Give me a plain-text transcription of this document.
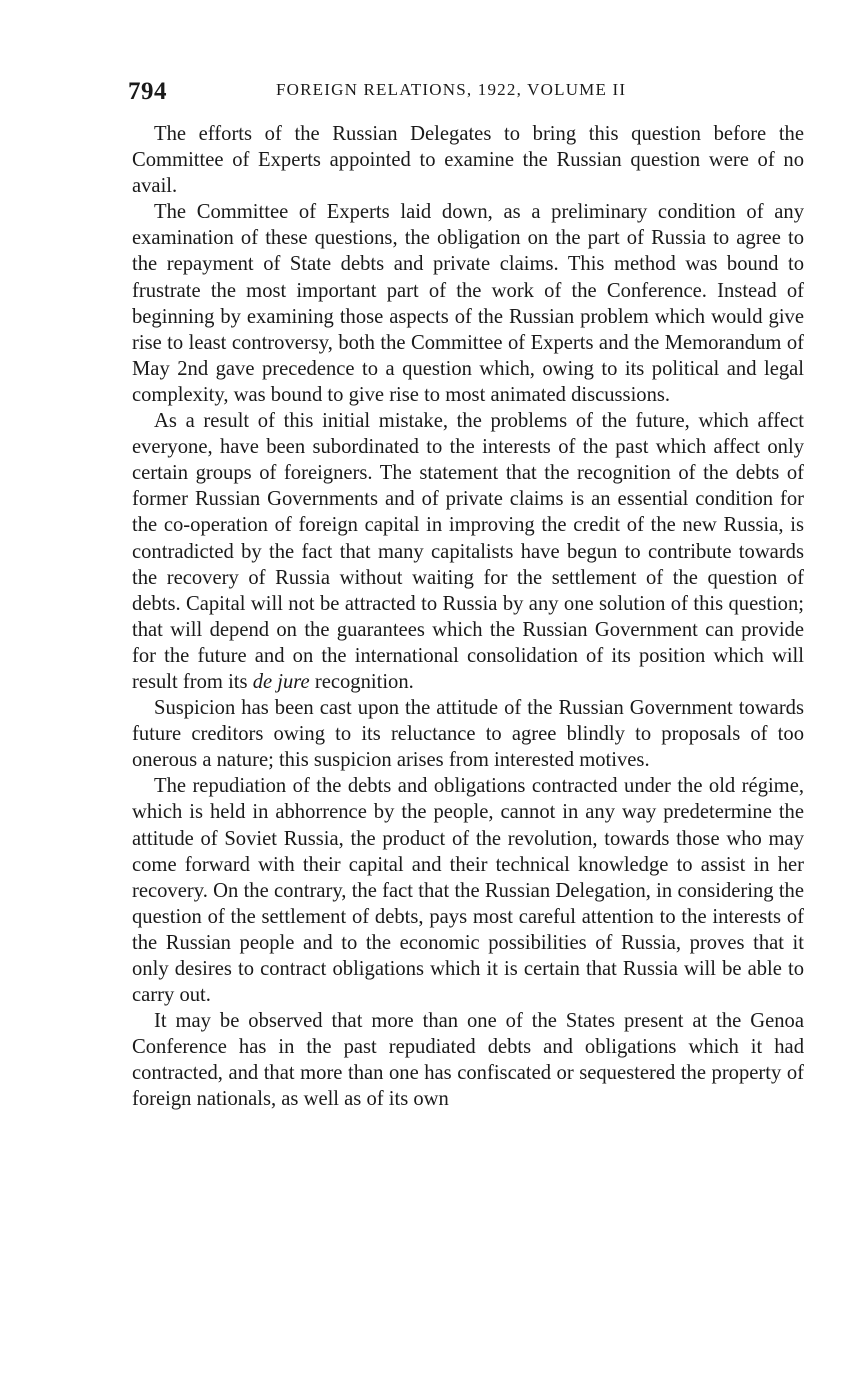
794	FOREIGN RELATIONS, 1922, VOLUME II

The efforts of the Russian Delegates to bring this question before the Committee of Experts appointed to examine the Russian question were of no avail.

The Committee of Experts laid down, as a preliminary condition of any examination of these questions, the obligation on the part of Russia to agree to the repayment of State debts and private claims. This method was bound to frustrate the most important part of the work of the Conference. Instead of beginning by examining those aspects of the Russian problem which would give rise to least controversy, both the Committee of Experts and the Memorandum of May 2nd gave precedence to a question which, owing to its political and legal complexity, was bound to give rise to most animated discussions.

As a result of this initial mistake, the problems of the future, which affect everyone, have been subordinated to the interests of the past which affect only certain groups of foreigners. The statement that the recognition of the debts of former Russian Governments and of private claims is an essential condition for the co-operation of foreign capital in improving the credit of the new Russia, is contradicted by the fact that many capitalists have begun to contribute towards the recovery of Russia without waiting for the settlement of the question of debts. Capital will not be attracted to Russia by any one solution of this question; that will depend on the guarantees which the Russian Government can provide for the future and on the international consolidation of its position which will result from its de jure recognition.

Suspicion has been cast upon the attitude of the Russian Government towards future creditors owing to its reluctance to agree blindly to proposals of too onerous a nature; this suspicion arises from interested motives.

The repudiation of the debts and obligations contracted under the old régime, which is held in abhorrence by the people, cannot in any way predetermine the attitude of Soviet Russia, the product of the revolution, towards those who may come forward with their capital and their technical knowledge to assist in her recovery. On the contrary, the fact that the Russian Delegation, in considering the question of the settlement of debts, pays most careful attention to the interests of the Russian people and to the economic possibilities of Russia, proves that it only desires to contract obligations which it is certain that Russia will be able to carry out.

It may be observed that more than one of the States present at the Genoa Conference has in the past repudiated debts and obligations which it had contracted, and that more than one has confiscated or sequestered the property of foreign nationals, as well as of its own
